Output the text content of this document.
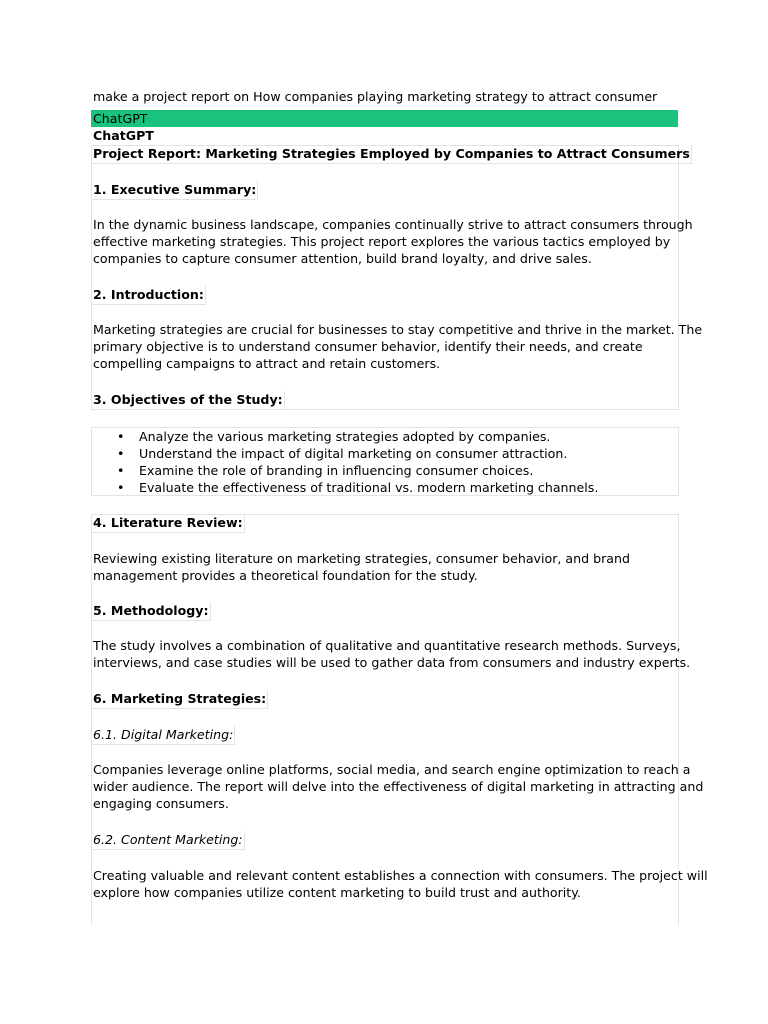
make a project report on How companies playing marketing strategy to attract consumer
ChatGPT
ChatGPT
Project Report: Marketing Strategies Employed by Companies to Attract Consumers
1. Executive Summary:
In the dynamic business landscape, companies continually strive to attract consumers through
effective marketing strategies. This project report explores the various tactics employed by
companies to capture consumer attention, build brand loyalty, and drive sales.
2. Introduction:
Marketing strategies are crucial for businesses to stay competitive and thrive in the market. The
primary objective is to understand consumer behavior, identify their needs, and create
compelling campaigns to attract and retain customers.
3. Objectives of the Study:
• Analyze the various marketing strategies adopted by companies.
• Understand the impact of digital marketing on consumer attraction.
• Examine the role of branding in influencing consumer choices.
• Evaluate the effectiveness of traditional vs. modern marketing channels.
4. Literature Review:
Reviewing existing literature on marketing strategies, consumer behavior, and brand
management provides a theoretical foundation for the study.
5. Methodology:
The study involves a combination of qualitative and quantitative research methods. Surveys,
interviews, and case studies will be used to gather data from consumers and industry experts.
6. Marketing Strategies:
6.1. Digital Marketing:
Companies leverage online platforms, social media, and search engine optimization to reach a
wider audience. The report will delve into the effectiveness of digital marketing in attracting and
engaging consumers.
6.2. Content Marketing:
Creating valuable and relevant content establishes a connection with consumers. The project will
explore how companies utilize content marketing to build trust and authority.
